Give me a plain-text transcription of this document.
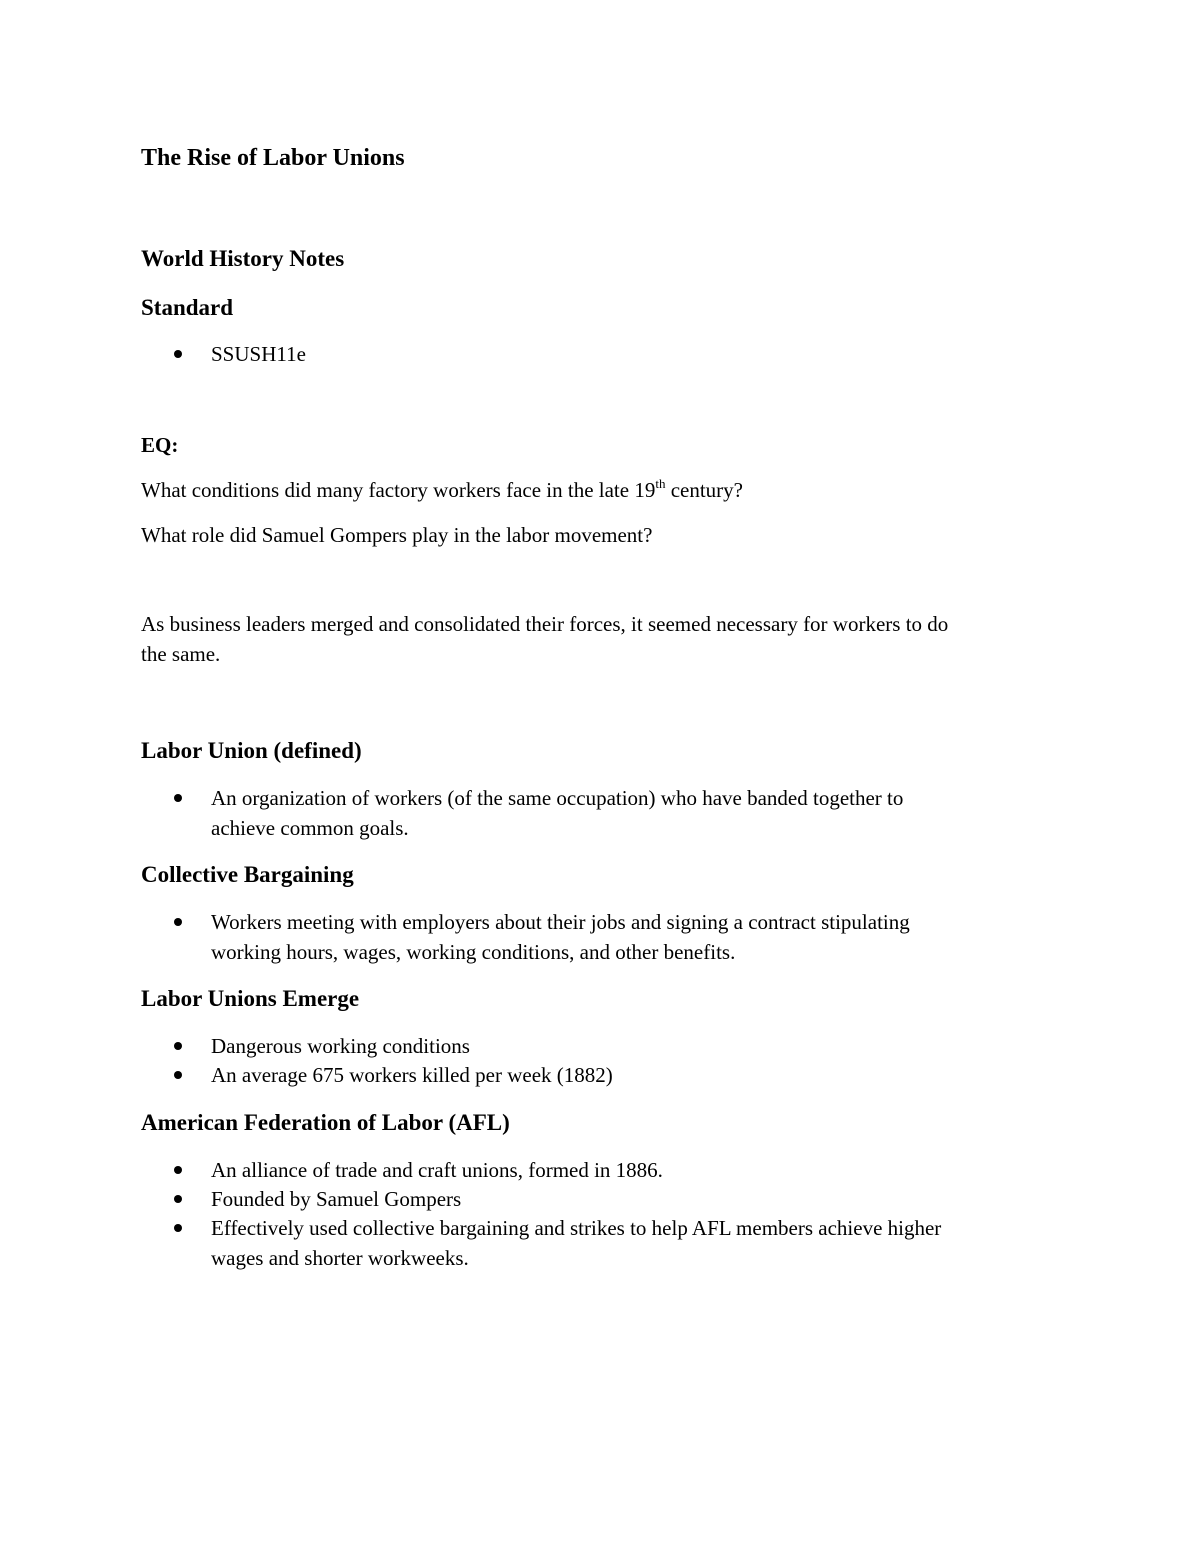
The Rise of Labor Unions
World History Notes
Standard

SSUSH11e

EQ:

What conditions did many factory workers face in the late 19th century?

What role did Samuel Gompers play in the labor movement?

As business leaders merged and consolidated their forces, it seemed necessary for workers to do
the same.

Labor Union (defined)

An organization of workers (of the same occupation) who have banded together to
achieve common goals.

Collective Bargaining

Workers meeting with employers about their jobs and signing a contract stipulating
working hours, wages, working conditions, and other benefits.

Labor Unions Emerge

Dangerous working conditions

An average 675 workers killed per week (1882)

American Federation of Labor (AFL)

An alliance of trade and craft unions, formed in 1886.

Founded by Samuel Gompers

Effectively used collective bargaining and strikes to help AFL members achieve higher
wages and shorter workweeks.
